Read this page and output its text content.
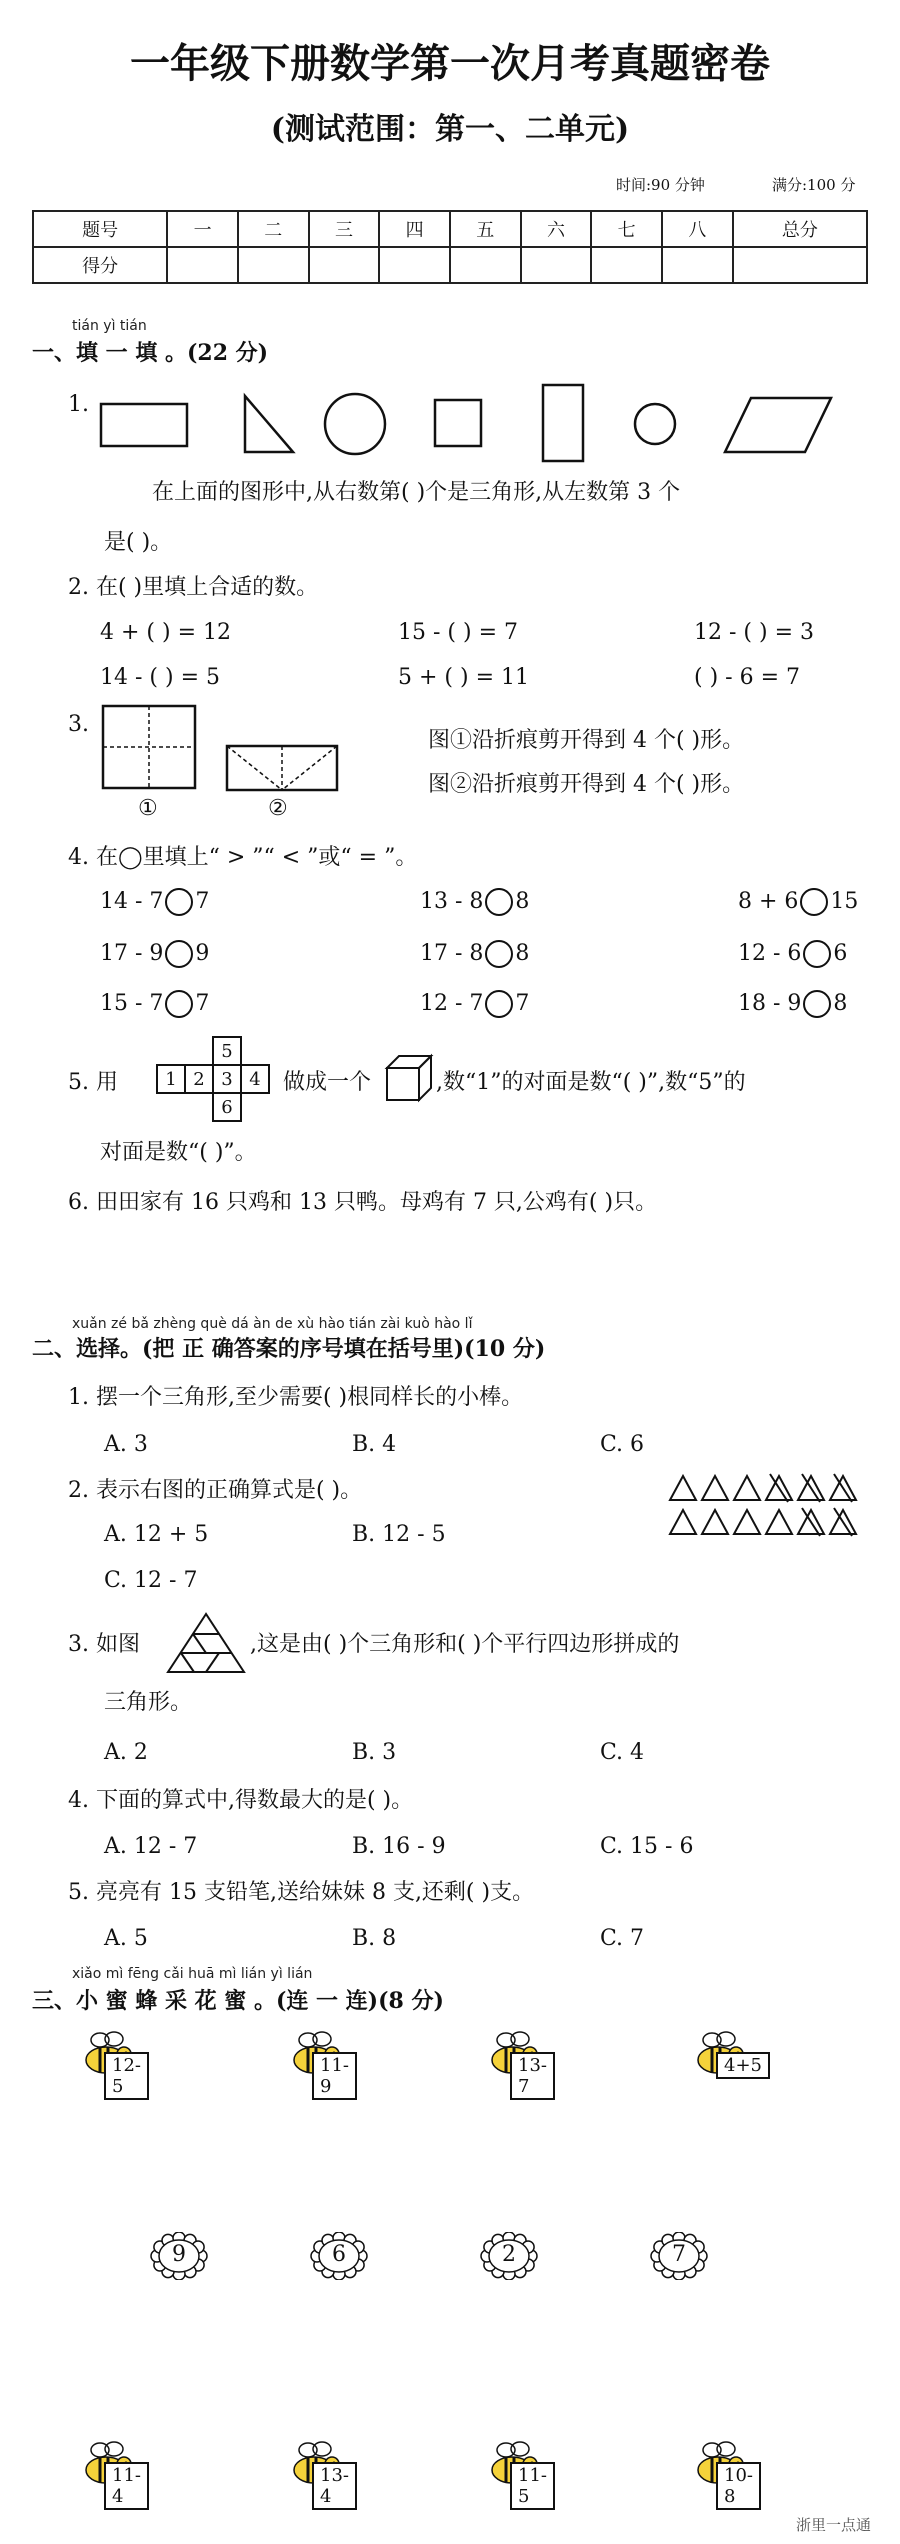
一年级下册数学第一次月考真题密卷
(测试范围：第一、二单元)
时间:90 分钟	满分:100 分
题号	一	二	三	四	五	六	七	八	总分
得分									
tián yì tián
一、填 一 填 。(22 分)
1.
在上面的图形中,从右数第( )个是三角形,从左数第 3 个
是( )。
2. 在( )里填上合适的数。
4 + ( ) = 12	15 - ( ) = 7	12 - ( ) = 3
14 - ( ) = 5	5 + ( ) = 11	( ) - 6 = 7
3.
①	②
图①沿折痕剪开得到 4 个( )形。
图②沿折痕剪开得到 4 个( )形。
4. 在◯里填上“ > ”“ < ”或“ = ”。
14 - 7 7	13 - 8 8	8 + 6 15
17 - 9 9	17 - 8 8	12 - 6 6
15 - 7 7	12 - 7 7	18 - 9 8
5. 用
			5	
	1	2	3	4
			6	
做成一个	,数“1”的对面是数“( )”,数“5”的
对面是数“( )”。
6. 田田家有 16 只鸡和 13 只鸭。母鸡有 7 只,公鸡有( )只。
xuǎn zé bǎ zhèng què dá àn de xù hào tián zài kuò hào lǐ
二、选择。(把 正 确答案的序号填在括号里)(10 分)
1. 摆一个三角形,至少需要( )根同样长的小棒。
A. 3	B. 4	C. 6
2. 表示右图的正确算式是( )。
A. 12 + 5	B. 12 - 5
C. 12 - 7
3. 如图	,这是由( )个三角形和( )个平行四边形拼成的
三角形。
A. 2	B. 3	C. 4
4. 下面的算式中,得数最大的是( )。
A. 12 - 7	B. 16 - 9	C. 15 - 6
5. 亮亮有 15 支铅笔,送给妹妹 8 支,还剩( )支。
A. 5	B. 8	C. 7
xiǎo mì fēng cǎi huā mì lián yì lián
三、小 蜜 蜂 采 花 蜜 。(连 一 连)(8 分)
12-5
11-9
13-7
4+5
9	6	2	7
11-4
13-4
11-5
10-8
浙里一点通
